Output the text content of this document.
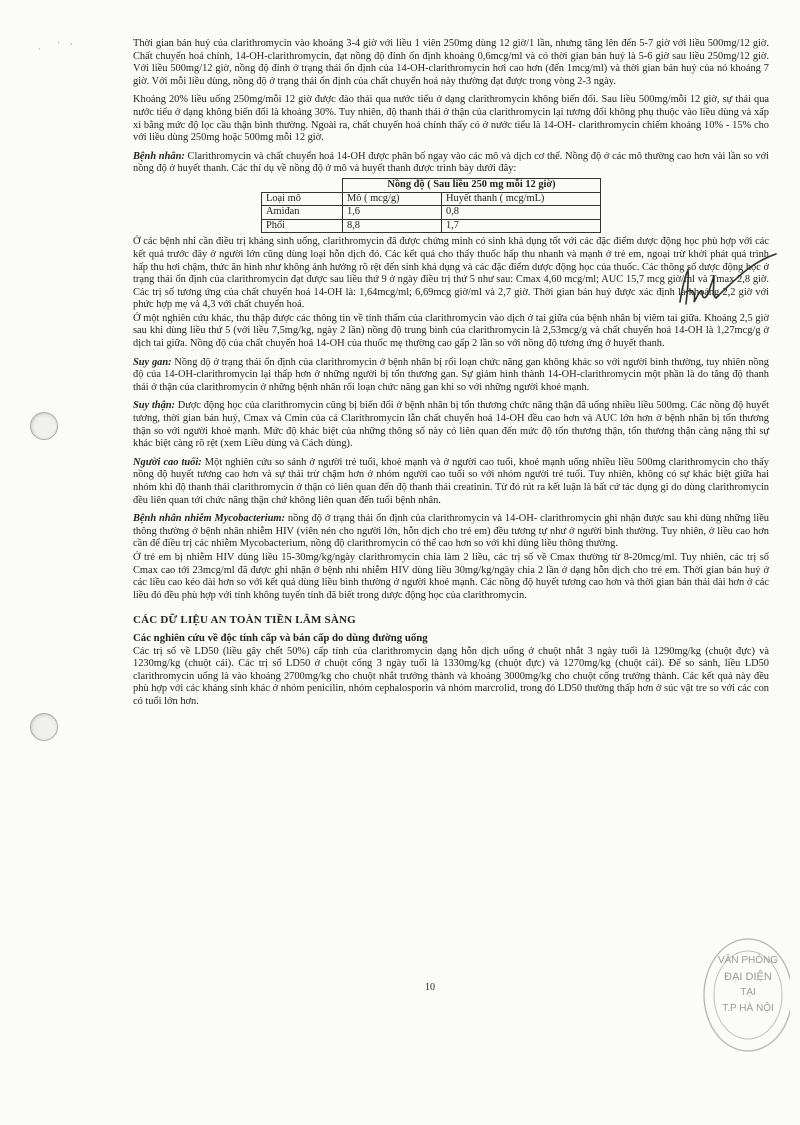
· ' ,	Thời gian bán huỷ của clarithromycin vào khoảng 3-4 giờ với liều 1 viên 250mg dùng 12 giờ/1 lần, nhưng tăng lên đến 5-7 giờ với liều 500mg/12 giờ. Chất chuyển hoá chính, 14-OH-clarithromycin, đạt nồng độ đỉnh ổn định khoảng 0,6mcg/ml và có thời gian bán huỷ là 5-6 giờ sau liều 250mg/12 giờ. Với liều 500mg/12 giờ, nồng độ đỉnh ở trạng thái ổn định của 14-OH-clarithromycin hơi cao hơn (đến 1mcg/ml) và thời gian bán huỷ của nó khoảng 7 giờ. Với mỗi liều dùng, nồng độ ở trạng thái ổn định của chất chuyển hoá này thường đạt được trong vòng 2-3 ngày.

Khoảng 20% liều uống 250mg/mỗi 12 giờ được đào thải qua nước tiểu ở dạng clarithromycin không biến đổi. Sau liều 500mg/mỗi 12 giờ, sự thải qua nước tiểu ở dạng không biến đổi là khoảng 30%. Tuy nhiên, độ thanh thải ở thận của clarithromycin lại tương đối không phụ thuộc vào liều dùng và xấp xỉ bằng mức độ lọc cầu thận bình thường. Ngoài ra, chất chuyển hoá chính thấy có ở nước tiểu là 14-OH- clarithromycin chiếm khoảng 10% - 15% cho với liều dùng 250mg hoặc 500mg mỗi 12 giờ.

Bệnh nhân: Clarithromycin và chất chuyển hoá 14-OH được phân bố ngay vào các mô và dịch cơ thể. Nồng độ ở các mô thường cao hơn vài lần so với nồng độ ở huyết thanh. Các thí dụ về nồng độ ở mô và huyết thanh được trình bày dưới đây:

	Nồng độ ( Sau liều 250 mg mỗi 12 giờ)	
Loại mô	Mô ( mcg/g)	Huyết thanh ( mcg/mL)
Amiđan	1,6	0,8
Phổi	8,8	1,7

Ở các bệnh nhi cần điều trị kháng sinh uống, clarithromycin đã được chứng minh có sinh khả dụng tốt với các đặc điểm dược động học phù hợp với các kết quả trước đây ở người lớn cũng dùng loại hỗn dịch đó. Các kết quả cho thấy thuốc hấp thu nhanh và mạnh ở trẻ em, ngoại trừ khởi phát quá trình hấp thu hơi chậm, thức ăn hình như không ảnh hưởng rõ rệt đến sinh khả dụng và các đặc điểm dược động học của thuốc. Các thông số dược động học ở trạng thái ổn định của clarithromycin đạt được sau liều thứ 9 ở ngày điều trị thứ 5 như sau: Cmax 4,60 mcg/ml; AUC 15,7 mcg giờ/ml và Tmax 2,8 giờ. Các trị số tương ứng của chất chuyển hoá 14-OH là: 1,64mcg/ml; 6,69mcg giờ/ml và 2,7 giờ. Thời gian bán huỷ được xác định là khoảng 2,2 giờ với phức hợp mẹ và 4,3 với chất chuyển hoá.

Ở một nghiên cứu khác, thu thập được các thông tin về tính thấm của clarithromycin vào dịch ở tai giữa của bệnh nhân bị viêm tai giữa. Khoảng 2,5 giờ sau khi dùng liều thứ 5 (với liều 7,5mg/kg, ngày 2 lần) nồng độ trung bình của clarithromycin là 2,53mcg/g và chất chuyển hoá 14-OH là 1,27mcg/g ở dịch tai giữa. Nồng độ của chất chuyển hoá 14-OH của thuốc mẹ thường cao gấp 2 lần so với nồng độ tương ứng ở huyết thanh.

Suy gan: Nồng độ ở trạng thái ổn định của clarithromycin ở bệnh nhân bị rối loạn chức năng gan không khác so với người bình thường, tuy nhiên nồng độ của 14-OH-clarithromycin lại thấp hơn ở những người bị tổn thương gan. Sự giảm hình thành 14-OH-clarithromycin một phần là do tăng độ thanh thải ở thận của clarithromycin ở những bệnh nhân rối loạn chức năng gan khi so với những người khoẻ mạnh.

Suy thận: Dược động học của clarithromycin cũng bị biến đổi ở bệnh nhân bị tổn thương chức năng thận đã uống nhiều liều 500mg. Các nồng độ huyết tương, thời gian bán huỷ, Cmax và Cmin của cả Clarithromycin lẫn chất chuyển hoá 14-OH đều cao hơn và AUC lớn hơn ở bệnh nhân bị tổn thương thận so với người khoẻ mạnh. Mức độ khác biệt của những thông số này có liên quan đến mức độ tổn thương thận, tổn thương thận càng nặng thì sự khác biệt càng rõ rệt (xem Liều dùng và Cách dùng).

Người cao tuổi: Một nghiên cứu so sánh ở người trẻ tuổi, khoẻ mạnh và ở người cao tuổi, khoẻ mạnh uống nhiều liều 500mg clarithromycin cho thấy nồng độ huyết tương cao hơn và sự thải trừ chậm hơn ở nhóm người cao tuổi so với nhóm người trẻ tuổi. Tuy nhiên, không có sự khác biệt giữa hai nhóm khi độ thanh thải clarithromycin ở thận có liên quan đến độ thanh thải creatinin. Từ đó rút ra kết luận là bất cứ tác dụng gì do dùng clarithromycin đều liên quan tới chức năng thận chứ không liên quan đến tuổi bệnh nhân.

Bệnh nhân nhiễm Mycobacterium: nồng độ ở trạng thái ổn định của clarithromycin và 14-OH- clarithromycin ghi nhận được sau khi dùng những liều thông thường ở bệnh nhân nhiễm HIV (viên nén cho người lớn, hỗn dịch cho trẻ em) đều tương tự như ở người bình thường. Tuy nhiên, ở liều cao hơn cần để điều trị các nhiễm Mycobacterium, nồng độ clarithromycin có thể cao hơn so với khi dùng liều thông thường.

Ở trẻ em bị nhiễm HIV dùng liều 15-30mg/kg/ngày clarithromycin chia làm 2 liều, các trị số về Cmax thường từ 8-20mcg/ml. Tuy nhiên, các trị số Cmax cao tới 23mcg/ml đã được ghi nhận ở bệnh nhi nhiễm HIV dùng liều 30mg/kg/ngày chia 2 lần ở dạng hỗn dịch cho trẻ em. Thời gian bán huỷ ở các liều cao kéo dài hơn so với kết quả dùng liều bình thường ở người khoẻ mạnh. Các nồng độ huyết tương cao hơn và thời gian bán thải dài hơn ở các liều đó đều phù hợp với tính không tuyến tính đã biết trong dược động học của clarithromycin.

CÁC DỮ LIỆU AN TOÀN TIỀN LÂM SÀNG
Các nghiên cứu về độc tính cấp và bán cấp do dùng đường uống

Các trị số về LD50 (liều gây chết 50%) cấp tính của clarithromycin dạng hỗn dịch uống ở chuột nhắt 3 ngày tuổi là 1290mg/kg (chuột đực) và 1230mg/kg (chuột cái). Các trị số LD50 ở chuột cống 3 ngày tuổi là 1330mg/kg (chuột đực) và 1270mg/kg (chuột cái). Để so sánh, liều LD50 clarithromycin uống là vào khoảng 2700mg/kg cho chuột nhắt trưởng thành và khoảng 3000mg/kg cho chuột cống trưởng thành. Các kết quả này đều phù hợp với các kháng sinh khác ở nhóm penicilin, nhóm cephalosporin và nhóm marcrolid, trong đó LD50 thường thấp hơn ở súc vật tre so với các con có tuổi lớn hơn.

10
VĂN PHÒNG
ĐẠI DIỆN
TẠI
T.P HÀ NỘI
